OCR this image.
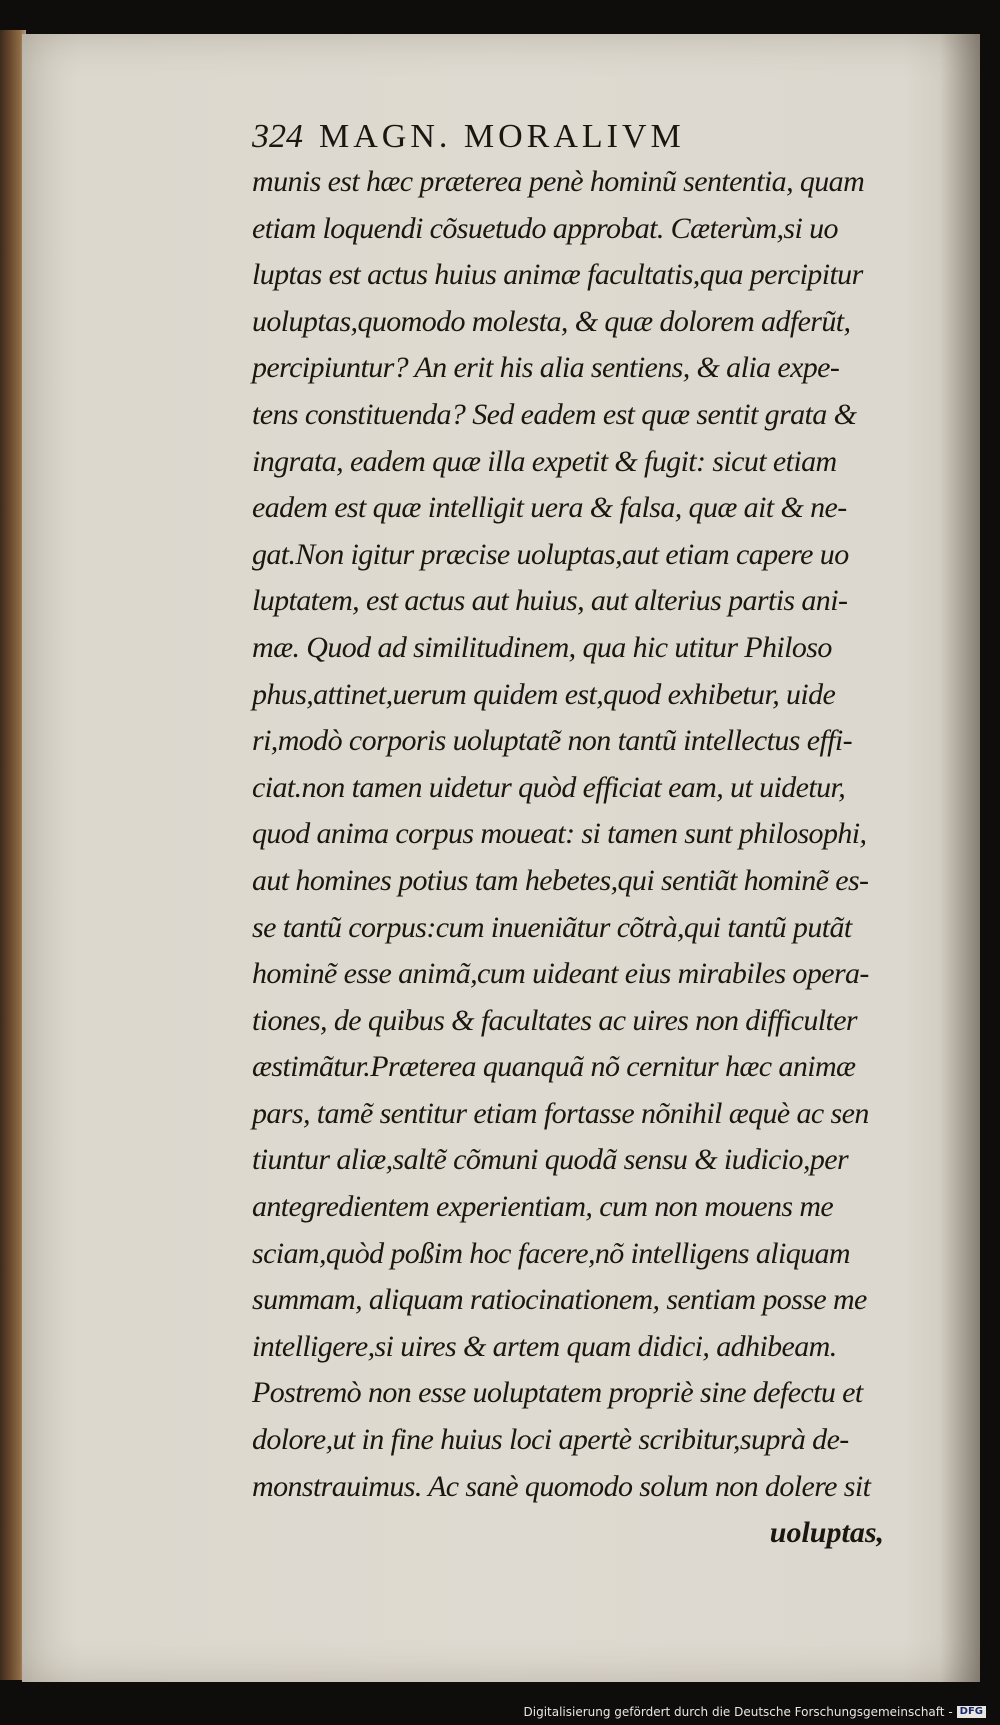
324 MAGN. MORALIVM
munis est hæc præterea penè hominũ sententia, quam
etiam loquendi cõsuetudo approbat. Cæterùm,si uo
luptas est actus huius animæ facultatis,qua percipitur
uoluptas,quomodo molesta, & quæ dolorem adferũt,
percipiuntur? An erit his alia sentiens, & alia expe-
tens constituenda? Sed eadem est quæ sentit grata &
ingrata, eadem quæ illa expetit & fugit: sicut etiam
eadem est quæ intelligit uera & falsa, quæ ait & ne-
gat.Non igitur præcise uoluptas,aut etiam capere uo
luptatem, est actus aut huius, aut alterius partis ani-
mæ. Quod ad similitudinem, qua hic utitur Philoso
phus,attinet,uerum quidem est,quod exhibetur, uide
ri,modò corporis uoluptatẽ non tantũ intellectus effi-
ciat.non tamen uidetur quòd efficiat eam, ut uidetur,
quod anima corpus moueat: si tamen sunt philosophi,
aut homines potius tam hebetes,qui sentiãt hominẽ es-
se tantũ corpus:cum inueniãtur cõtrà,qui tantũ putãt
hominẽ esse animã,cum uideant eius mirabiles opera-
tiones, de quibus & facultates ac uires non difficulter
æstimãtur.Præterea quanquã nõ cernitur hæc animæ
pars, tamẽ sentitur etiam fortasse nõnihil æquè ac sen
tiuntur aliæ,saltẽ cõmuni quodã sensu & iudicio,per
antegredientem experientiam, cum non mouens me
sciam,quòd poßim hoc facere,nõ intelligens aliquam
summam, aliquam ratiocinationem, sentiam posse me
intelligere,si uires & artem quam didici, adhibeam.
Postremò non esse uoluptatem propriè sine defectu et
dolore,ut in fine huius loci apertè scribitur,suprà de-
monstrauimus. Ac sanè quomodo solum non dolere sit
uoluptas,
Digitalisierung gefördert durch die Deutsche Forschungsgemeinschaft - DFG
